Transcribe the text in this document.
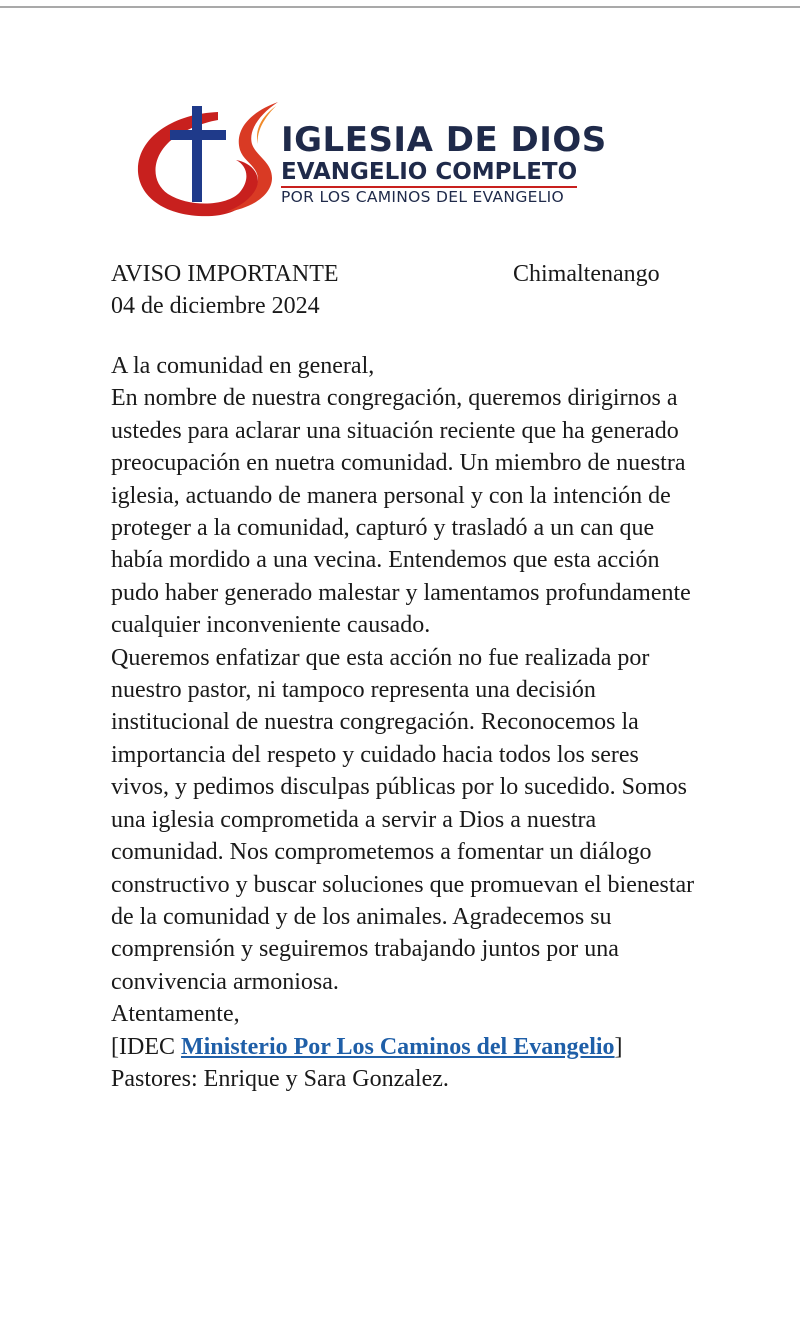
IGLESIA DE DIOS
EVANGELIO COMPLETO
POR LOS CAMINOS DEL EVANGELIO
AVISO IMPORTANTE	Chimaltenango
04 de diciembre 2024

A la comunidad en general,

En nombre de nuestra congregación, queremos dirigirnos a ustedes para aclarar una situación reciente que ha generado preocupación en nuetra comunidad. Un miembro de nuestra iglesia, actuando de manera personal y con la intención de proteger a la comunidad, capturó y trasladó a un can que había mordido a una vecina. Entendemos que esta acción pudo haber generado malestar y lamentamos profundamente cualquier inconveniente causado.

Queremos enfatizar que esta acción no fue realizada por nuestro pastor, ni tampoco representa una decisión institucional de nuestra congregación. Reconocemos la importancia del respeto y cuidado hacia todos los seres vivos, y pedimos disculpas públicas por lo sucedido. Somos una iglesia comprometida a servir a Dios a nuestra comunidad. Nos comprometemos a fomentar un diálogo constructivo y buscar soluciones que promuevan el bienestar de la comunidad y de los animales. Agradecemos su comprensión y seguiremos trabajando juntos por una convivencia armoniosa.

Atentamente,

[IDEC Ministerio Por Los Caminos del Evangelio]

Pastores: Enrique y Sara Gonzalez.
